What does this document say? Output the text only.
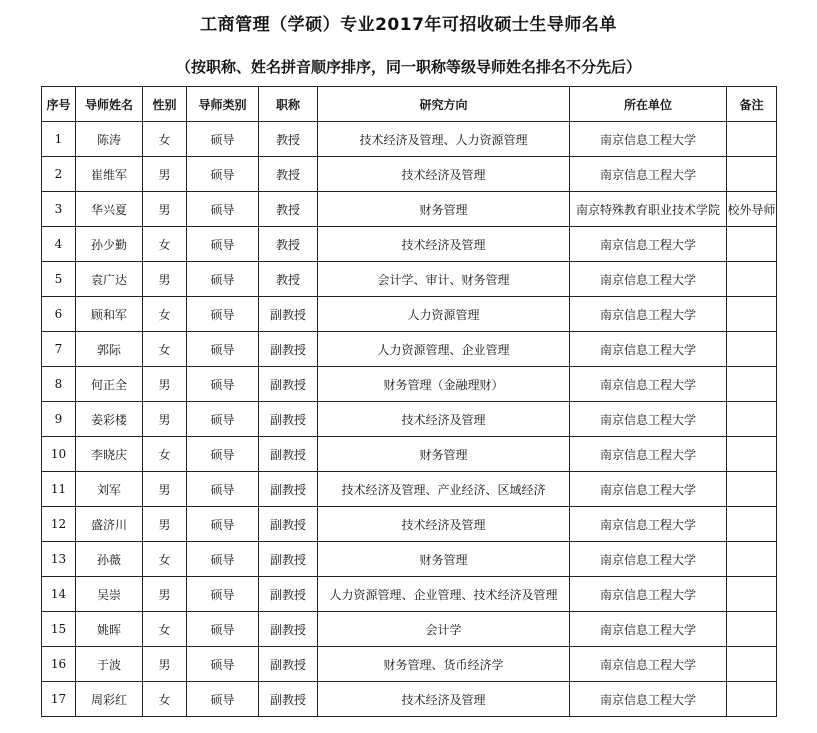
工商管理（学硕）专业2017年可招收硕士生导师名单
（按职称、姓名拼音顺序排序，同一职称等级导师姓名排名不分先后）
序号	导师姓名	性别	导师类别	职称	研究方向	所在单位	备注
1	陈涛	女	硕导	教授	技术经济及管理、人力资源管理	南京信息工程大学	
2	崔维军	男	硕导	教授	技术经济及管理	南京信息工程大学	
3	华兴夏	男	硕导	教授	财务管理	南京特殊教育职业技术学院	校外导师
4	孙少勤	女	硕导	教授	技术经济及管理	南京信息工程大学	
5	袁广达	男	硕导	教授	会计学、审计、财务管理	南京信息工程大学	
6	顾和军	女	硕导	副教授	人力资源管理	南京信息工程大学	
7	郭际	女	硕导	副教授	人力资源管理、企业管理	南京信息工程大学	
8	何正全	男	硕导	副教授	财务管理（金融理财）	南京信息工程大学	
9	姜彩楼	男	硕导	副教授	技术经济及管理	南京信息工程大学	
10	李晓庆	女	硕导	副教授	财务管理	南京信息工程大学	
11	刘军	男	硕导	副教授	技术经济及管理、产业经济、区域经济	南京信息工程大学	
12	盛济川	男	硕导	副教授	技术经济及管理	南京信息工程大学	
13	孙薇	女	硕导	副教授	财务管理	南京信息工程大学	
14	吴崇	男	硕导	副教授	人力资源管理、企业管理、技术经济及管理	南京信息工程大学	
15	姚晖	女	硕导	副教授	会计学	南京信息工程大学	
16	于波	男	硕导	副教授	财务管理、货币经济学	南京信息工程大学	
17	周彩红	女	硕导	副教授	技术经济及管理	南京信息工程大学	
